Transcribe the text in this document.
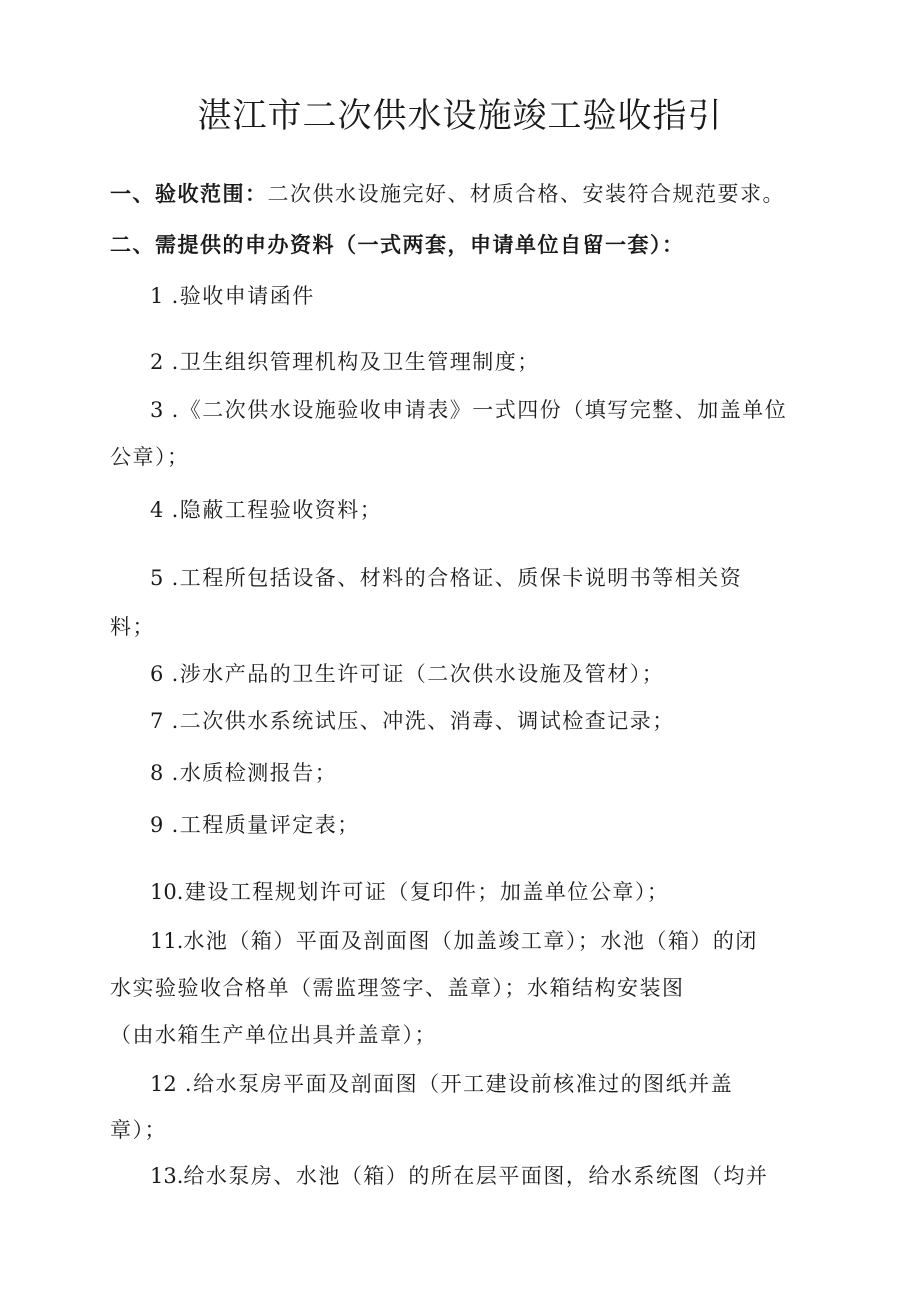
湛江市二次供水设施竣工验收指引
一、验收范围：二次供水设施完好、材质合格、安装符合规范要求。
二、需提供的申办资料（一式两套，申请单位自留一套）：
1 .验收申请函件
2 .卫生组织管理机构及卫生管理制度；
3 .《二次供水设施验收申请表》一式四份（填写完整、加盖单位
公章）；
4 .隐蔽工程验收资料；
5 .工程所包括设备、材料的合格证、质保卡说明书等相关资
料；
6 .涉水产品的卫生许可证（二次供水设施及管材）；
7 .二次供水系统试压、冲洗、消毒、调试检查记录；
8 .水质检测报告；
9 .工程质量评定表；
10.建设工程规划许可证（复印件；加盖单位公章）；
11.水池（箱）平面及剖面图（加盖竣工章）；水池（箱）的闭
水实验验收合格单（需监理签字、盖章）；水箱结构安装图
（由水箱生产单位出具并盖章）；
12 .给水泵房平面及剖面图（开工建设前核准过的图纸并盖
章）；
13.给水泵房、水池（箱）的所在层平面图，给水系统图（均并
